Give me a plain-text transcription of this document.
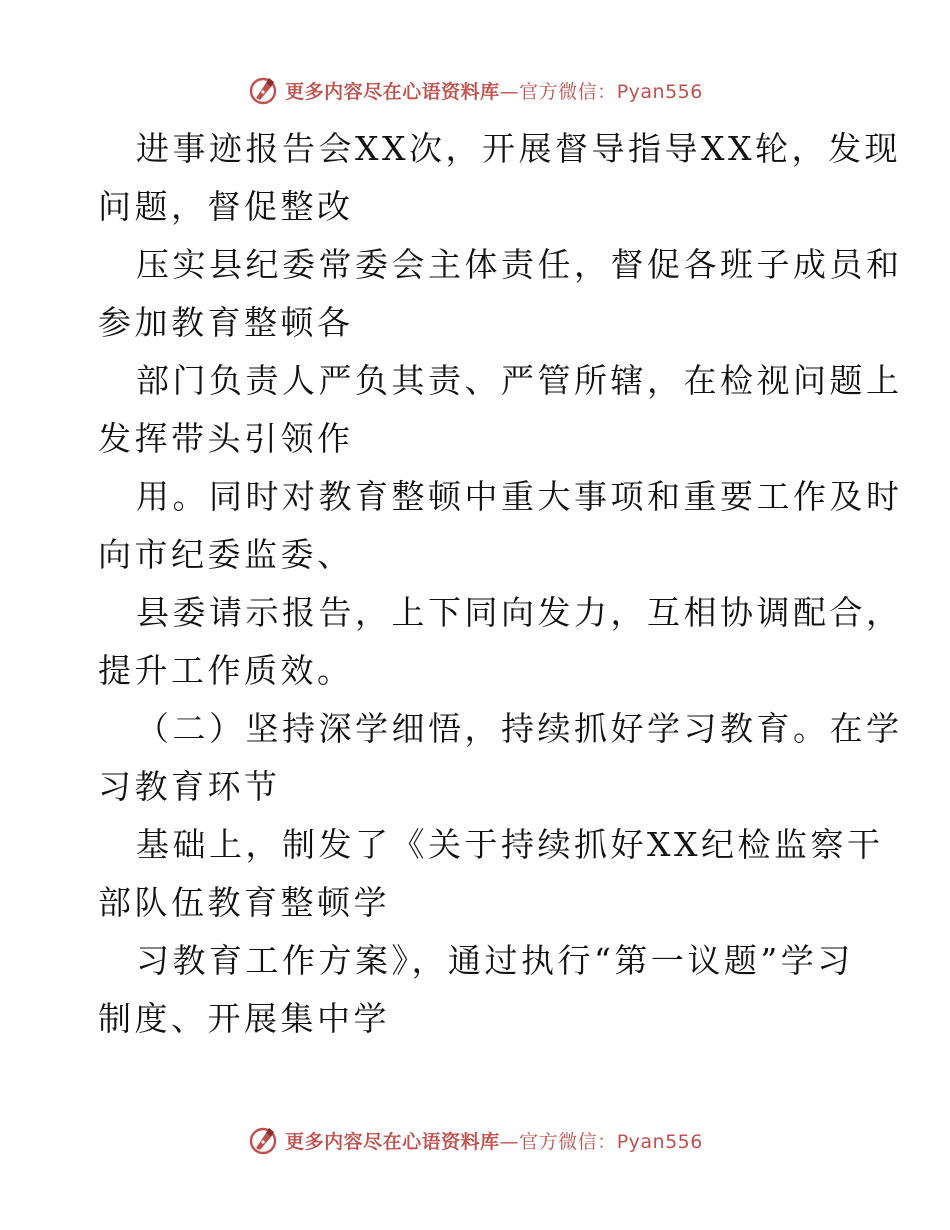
更多内容尽在心语资料库—官方微信：Pyan556

进事迹报告会XX次，开展督导指导XX轮，发现
问题，督促整改

压实县纪委常委会主体责任，督促各班子成员和
参加教育整顿各

部门负责人严负其责、严管所辖，在检视问题上
发挥带头引领作

用。同时对教育整顿中重大事项和重要工作及时
向市纪委监委、

县委请示报告，上下同向发力，互相协调配合，
提升工作质效。

（二）坚持深学细悟，持续抓好学习教育。在学
习教育环节

基础上，制发了《关于持续抓好XX纪检监察干
部队伍教育整顿学

习教育工作方案》，通过执行“第一议题”学习
制度、开展集中学

更多内容尽在心语资料库—官方微信：Pyan556
